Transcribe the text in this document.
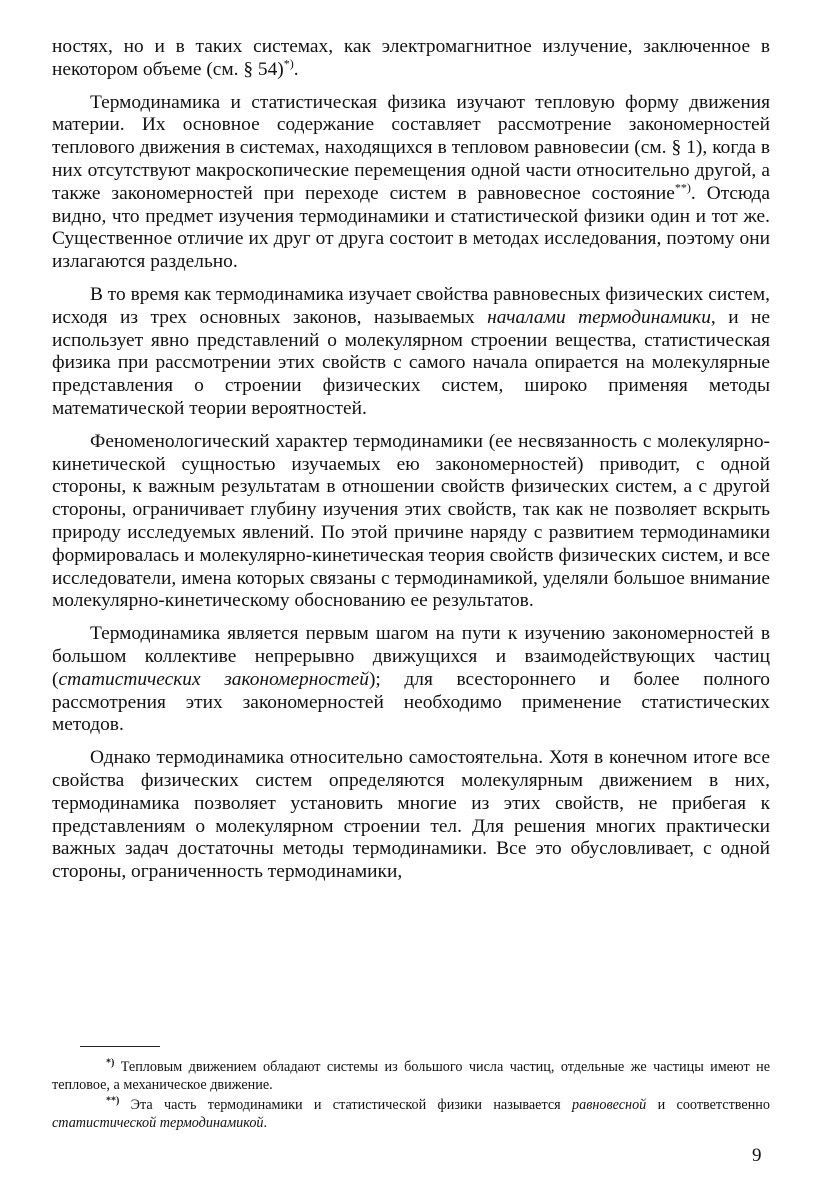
ностях, но и в таких системах, как электромагнитное излучение, заключенное в некотором объеме (см. § 54)*).

Термодинамика и статистическая физика изучают тепловую форму движения материи. Их основное содержание составляет рассмотрение закономерностей теплового движения в системах, находящихся в тепловом равновесии (см. § 1), когда в них отсутствуют макроскопические перемещения одной части относительно другой, а также закономерностей при переходе систем в равновесное состояние**). Отсюда видно, что предмет изучения термодинамики и статистической физики один и тот же. Существенное отличие их друг от друга состоит в методах исследования, поэтому они излагаются раздельно.

В то время как термодинамика изучает свойства равновесных физических систем, исходя из трех основных законов, называемых началами термодинамики, и не использует явно представлений о молекулярном строении вещества, статистическая физика при рассмотрении этих свойств с самого начала опирается на молекулярные представления о строении физических систем, широко применяя методы математической теории вероятностей.

Феноменологический характер термодинамики (ее несвязанность с молекулярно-кинетической сущностью изучаемых ею закономерностей) приводит, с одной стороны, к важным результатам в отношении свойств физических систем, а с другой стороны, ограничивает глубину изучения этих свойств, так как не позволяет вскрыть природу исследуемых явлений. По этой причине наряду с развитием термодинамики формировалась и молекулярно-кинетическая теория свойств физических систем, и все исследователи, имена которых связаны с термодинамикой, уделяли большое внимание молекулярно-кинетическому обоснованию ее результатов.

Термодинамика является первым шагом на пути к изучению закономерностей в большом коллективе непрерывно движущихся и взаимодействующих частиц (статистических закономерностей); для всестороннего и более полного рассмотрения этих закономерностей необходимо применение статистических методов.

Однако термодинамика относительно самостоятельна. Хотя в конечном итоге все свойства физических систем определяются молекулярным движением в них, термодинамика позволяет установить многие из этих свойств, не прибегая к представлениям о молекулярном строении тел. Для решения многих практически важных задач достаточны методы термодинамики. Все это обусловливает, с одной стороны, ограниченность термодинамики,

*) Тепловым движением обладают системы из большого числа частиц, отдельные же частицы имеют не тепловое, а механическое движение.

**) Эта часть термодинамики и статистической физики называется равновесной и соответственно статистической термодинамикой.

9
